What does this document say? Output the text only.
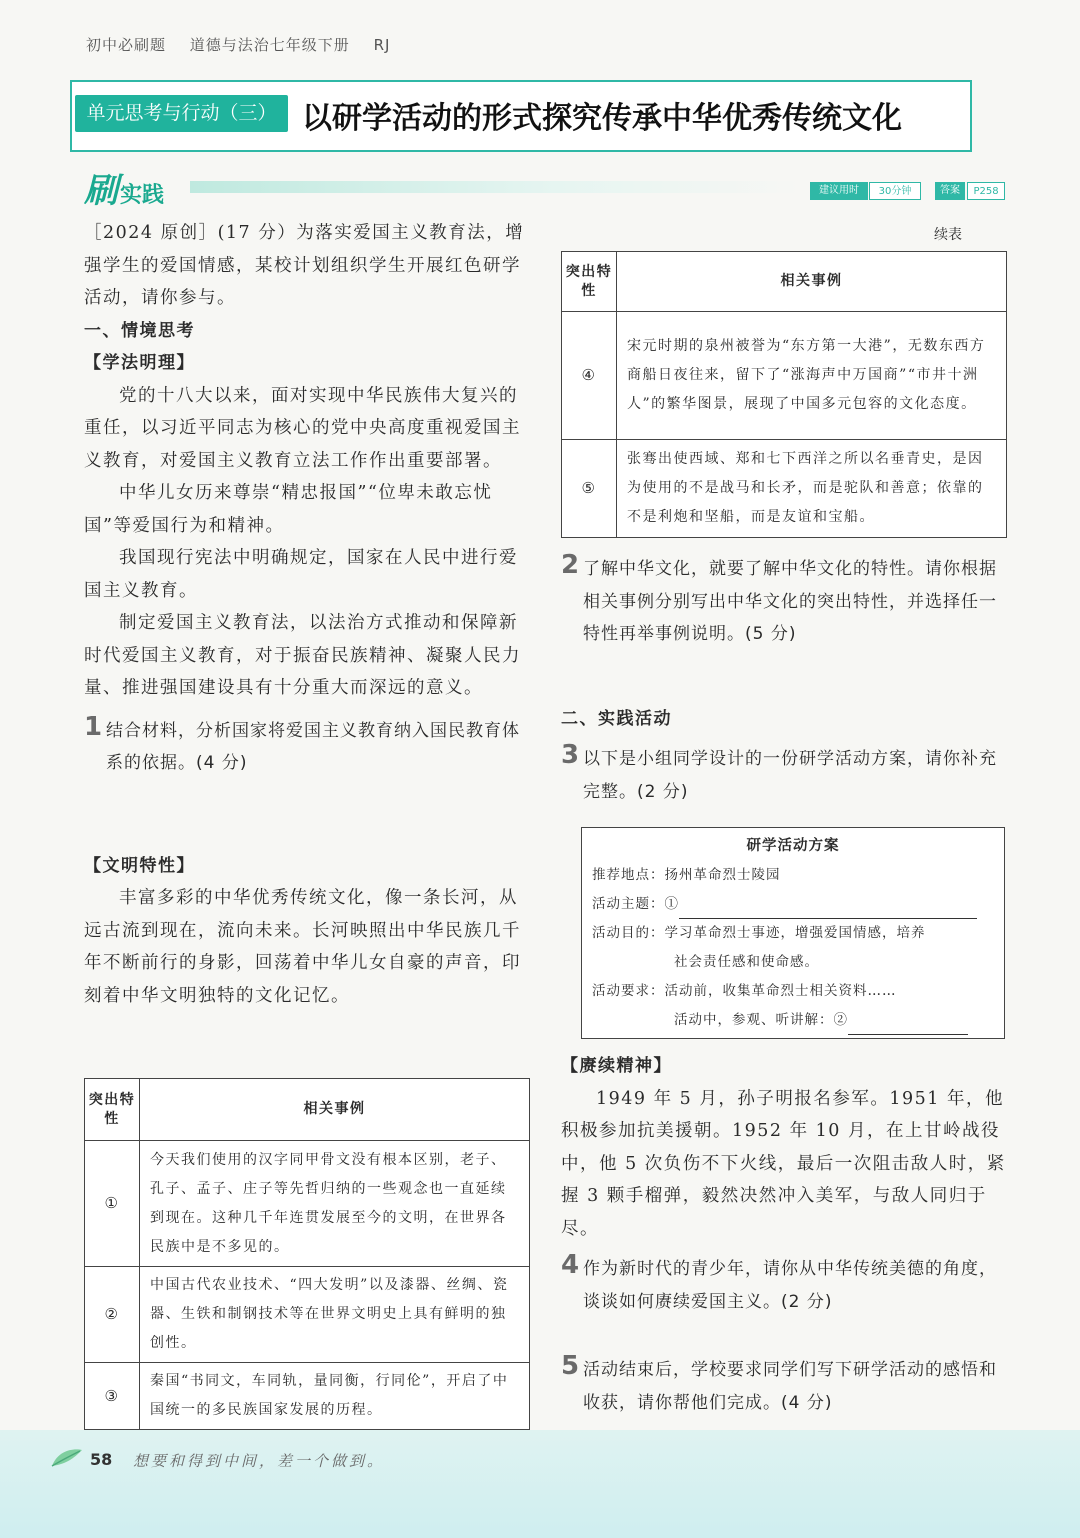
初中必刷题 道德与法治七年级下册 RJ
单元思考与行动（三） 以研学活动的形式探究传承中华优秀传统文化
刷实践	建议用时	30分钟	答案	P258

［2024 原创］(17 分）为落实爱国主义教育法，增强学生的爱国情感，某校计划组织学生开展红色研学活动，请你参与。

一、情境思考

【学法明理】

党的十八大以来，面对实现中华民族伟大复兴的重任，以习近平同志为核心的党中央高度重视爱国主义教育，对爱国主义教育立法工作作出重要部署。

中华儿女历来尊崇“精忠报国”“位卑未敢忘忧国”等爱国行为和精神。

我国现行宪法中明确规定，国家在人民中进行爱国主义教育。

制定爱国主义教育法，以法治方式推动和保障新时代爱国主义教育，对于振奋民族精神、凝聚人民力量、推进强国建设具有十分重大而深远的意义。

1 结合材料，分析国家将爱国主义教育纳入国民教育体系的依据。(4 分)

【文明特性】

丰富多彩的中华优秀传统文化，像一条长河，从远古流到现在，流向未来。长河映照出中华民族几千年不断前行的身影，回荡着中华儿女自豪的声音，印刻着中华文明独特的文化记忆。

突出特性	相关事例
①	今天我们使用的汉字同甲骨文没有根本区别，老子、孔子、孟子、庄子等先哲归纳的一些观念也一直延续到现在。这种几千年连贯发展至今的文明，在世界各民族中是不多见的。
②	中国古代农业技术、“四大发明”以及漆器、丝绸、瓷器、生铁和制钢技术等在世界文明史上具有鲜明的独创性。
③	秦国“书同文，车同轨，量同衡，行同伦”，开启了中国统一的多民族国家发展的历程。
续表
突出特性	相关事例
④	宋元时期的泉州被誉为“东方第一大港”，无数东西方商船日夜往来，留下了“涨海声中万国商”“市井十洲人”的繁华图景，展现了中国多元包容的文化态度。
⑤	张骞出使西域、郑和七下西洋之所以名垂青史，是因为使用的不是战马和长矛，而是驼队和善意；依靠的不是利炮和坚船，而是友谊和宝船。

2 了解中华文化，就要了解中华文化的特性。请你根据相关事例分别写出中华文化的突出特性，并选择任一特性再举事例说明。(5 分)

二、实践活动

3 以下是小组同学设计的一份研学活动方案，请你补充完整。(2 分)

研学活动方案
推荐地点：扬州革命烈士陵园
活动主题：①
活动目的：学习革命烈士事迹，增强爱国情感，培养
社会责任感和使命感。
活动要求：活动前，收集革命烈士相关资料……
活动中，参观、听讲解：②

【赓续精神】

1949 年 5 月，孙子明报名参军。1951 年，他积极参加抗美援朝。1952 年 10 月，在上甘岭战役中，他 5 次负伤不下火线，最后一次阻击敌人时，紧握 3 颗手榴弹，毅然决然冲入美军，与敌人同归于尽。

4 作为新时代的青少年，请你从中华传统美德的角度，谈谈如何赓续爱国主义。(2 分)

5 活动结束后，学校要求同学们写下研学活动的感悟和收获，请你帮他们完成。(4 分)

58 想要和得到中间，差一个做到。
